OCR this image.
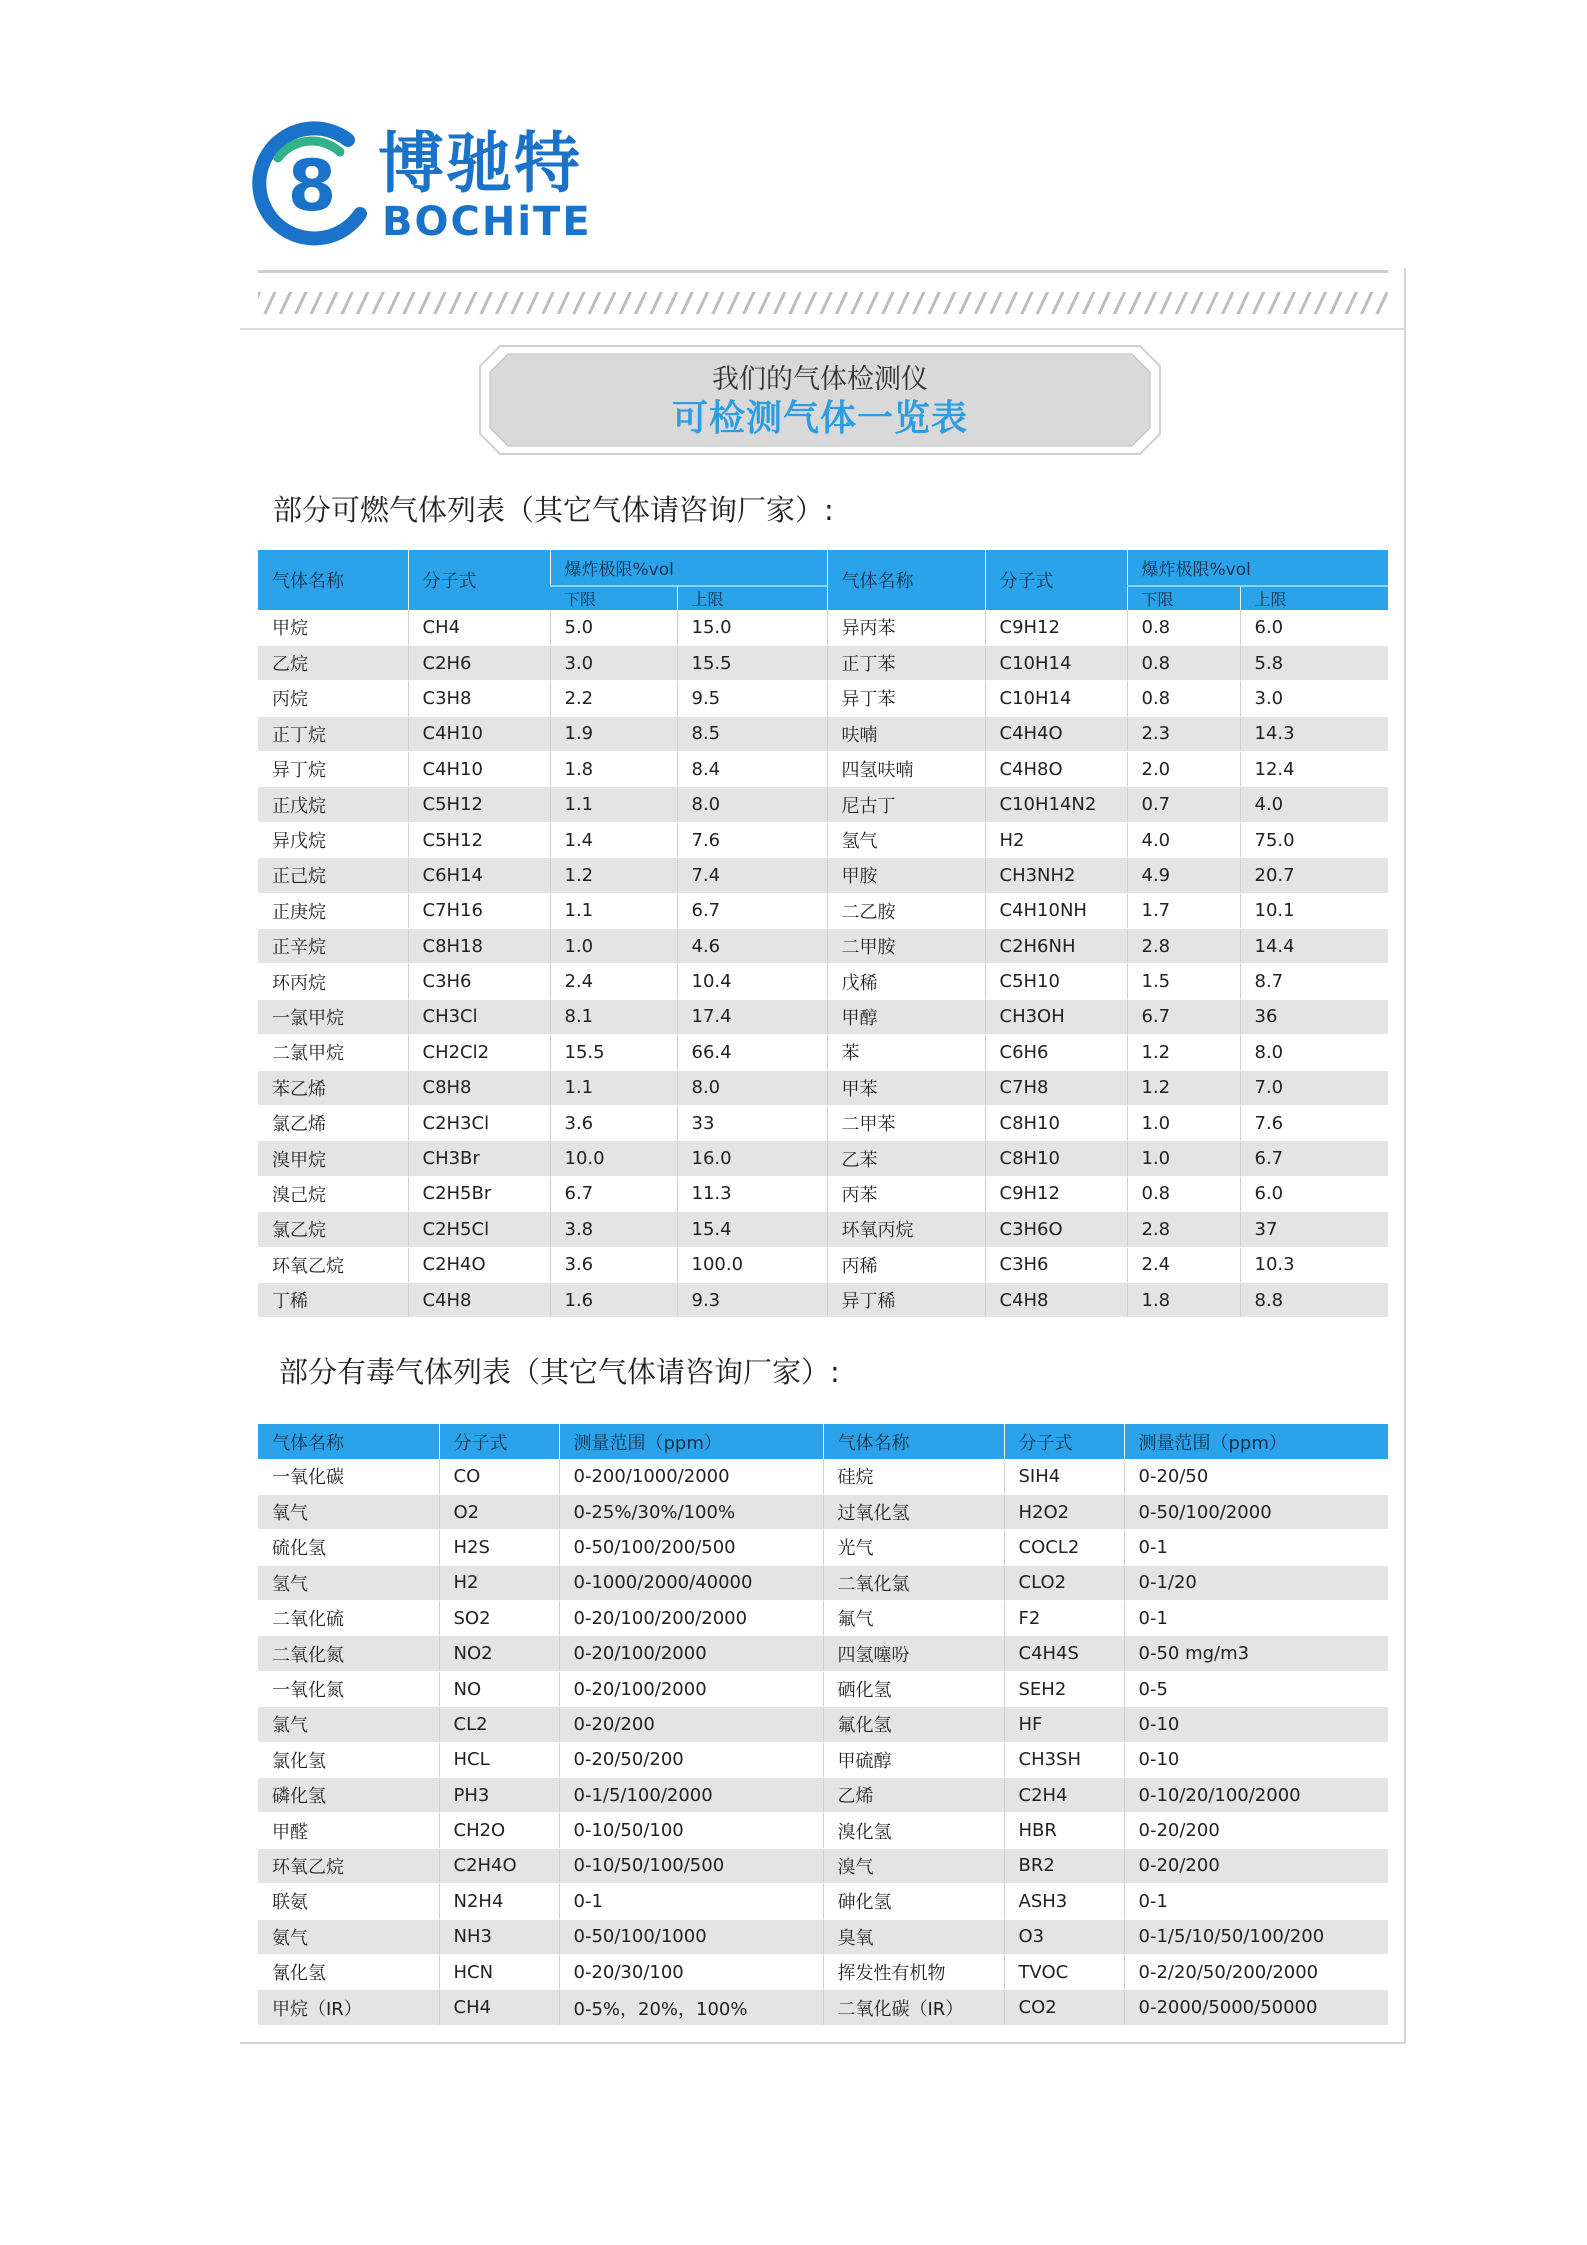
8 博驰特
BOCHiTE
我们的气体检测仪
可检测气体一览表
部分可燃气体列表（其它气体请咨询厂家）:
气体名称	分子式	爆炸极限%vol		气体名称	分子式	爆炸极限%vol	
		下限	上限			下限	上限
甲烷	CH4	5.0	15.0	异丙苯	C9H12	0.8	6.0
乙烷	C2H6	3.0	15.5	正丁苯	C10H14	0.8	5.8
丙烷	C3H8	2.2	9.5	异丁苯	C10H14	0.8	3.0
正丁烷	C4H10	1.9	8.5	呋喃	C4H4O	2.3	14.3
异丁烷	C4H10	1.8	8.4	四氢呋喃	C4H8O	2.0	12.4
正戊烷	C5H12	1.1	8.0	尼古丁	C10H14N2	0.7	4.0
异戊烷	C5H12	1.4	7.6	氢气	H2	4.0	75.0
正己烷	C6H14	1.2	7.4	甲胺	CH3NH2	4.9	20.7
正庚烷	C7H16	1.1	6.7	二乙胺	C4H10NH	1.7	10.1
正辛烷	C8H18	1.0	4.6	二甲胺	C2H6NH	2.8	14.4
环丙烷	C3H6	2.4	10.4	戊稀	C5H10	1.5	8.7
一氯甲烷	CH3Cl	8.1	17.4	甲醇	CH3OH	6.7	36
二氯甲烷	CH2Cl2	15.5	66.4	苯	C6H6	1.2	8.0
苯乙烯	C8H8	1.1	8.0	甲苯	C7H8	1.2	7.0
氯乙烯	C2H3Cl	3.6	33	二甲苯	C8H10	1.0	7.6
溴甲烷	CH3Br	10.0	16.0	乙苯	C8H10	1.0	6.7
溴己烷	C2H5Br	6.7	11.3	丙苯	C9H12	0.8	6.0
氯乙烷	C2H5Cl	3.8	15.4	环氧丙烷	C3H6O	2.8	37
环氧乙烷	C2H4O	3.6	100.0	丙稀	C3H6	2.4	10.3
丁稀	C4H8	1.6	9.3	异丁稀	C4H8	1.8	8.8
部分有毒气体列表（其它气体请咨询厂家）:
气体名称	分子式	测量范围（ppm）	气体名称	分子式	测量范围（ppm）
一氧化碳	CO	0-200/1000/2000	硅烷	SIH4	0-20/50
氧气	O2	0-25%/30%/100%	过氧化氢	H2O2	0-50/100/2000
硫化氢	H2S	0-50/100/200/500	光气	COCL2	0-1
氢气	H2	0-1000/2000/40000	二氧化氯	CLO2	0-1/20
二氧化硫	SO2	0-20/100/200/2000	氟气	F2	0-1
二氧化氮	NO2	0-20/100/2000	四氢噻吩	C4H4S	0-50 mg/m3
一氧化氮	NO	0-20/100/2000	硒化氢	SEH2	0-5
氯气	CL2	0-20/200	氟化氢	HF	0-10
氯化氢	HCL	0-20/50/200	甲硫醇	CH3SH	0-10
磷化氢	PH3	0-1/5/100/2000	乙烯	C2H4	0-10/20/100/2000
甲醛	CH2O	0-10/50/100	溴化氢	HBR	0-20/200
环氧乙烷	C2H4O	0-10/50/100/500	溴气	BR2	0-20/200
联氨	N2H4	0-1	砷化氢	ASH3	0-1
氨气	NH3	0-50/100/1000	臭氧	O3	0-1/5/10/50/100/200
氰化氢	HCN	0-20/30/100	挥发性有机物	TVOC	0-2/20/50/200/2000
甲烷（IR）	CH4	0-5%，20%，100%	二氧化碳（IR）	CO2	0-2000/5000/50000
